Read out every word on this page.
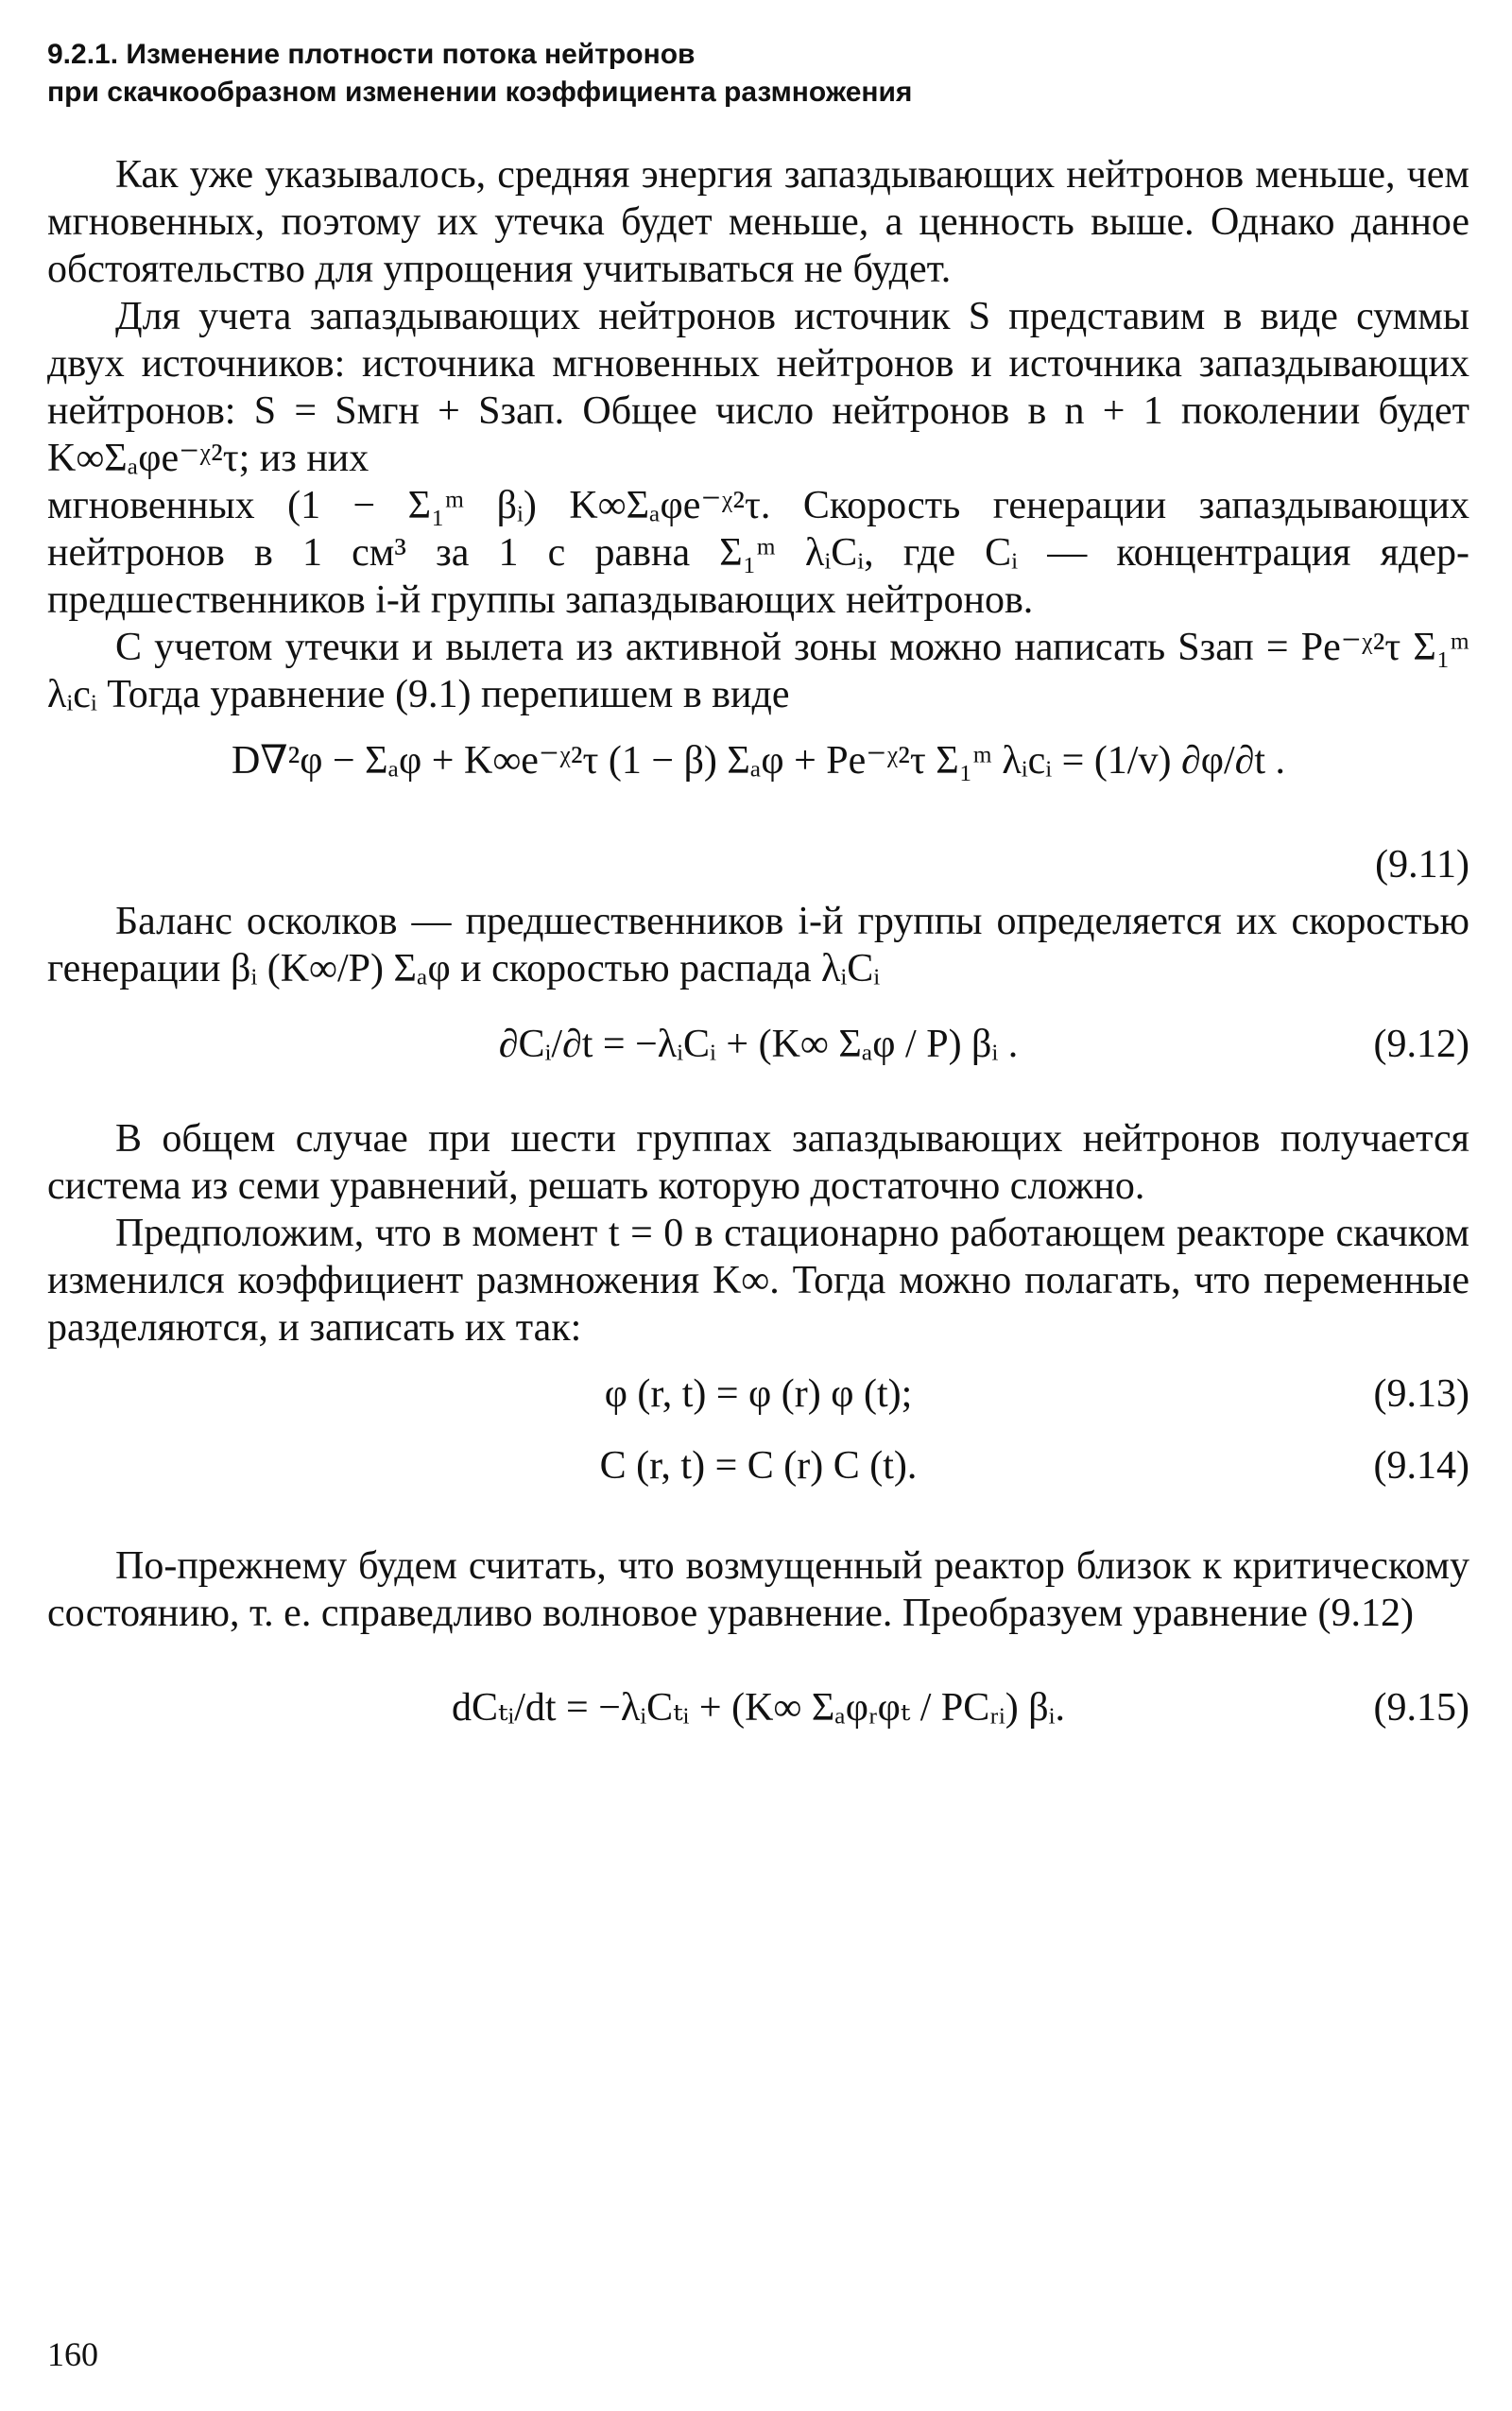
9.2.1. Изменение плотности потока нейтронов
при скачкообразном изменении коэффициента размножения

Как уже указывалось, средняя энергия запаздывающих нейтронов меньше, чем мгновенных, поэтому их утечка будет меньше, а ценность выше. Однако данное обстоятельство для упрощения учитываться не будет.

Для учета запаздывающих нейтронов источник S представим в виде суммы двух источников: источника мгновенных нейтронов и источника запаздывающих нейтронов: S = Sмгн + Sзап. Общее число нейтронов в n + 1 поколении будет K∞Σₐφe⁻ᵡ²τ; из них

мгновенных (1 − Σ₁ᵐ βᵢ) K∞Σₐφe⁻ᵡ²τ. Скорость генерации запаздывающих нейтронов в 1 см³ за 1 с равна Σ₁ᵐ λᵢCᵢ, где Cᵢ — концентрация ядер-предшественников i-й группы запаздывающих нейтронов.

С учетом утечки и вылета из активной зоны можно написать Sзап = Pe⁻ᵡ²τ Σ₁ᵐ λᵢcᵢ Тогда уравнение (9.1) перепишем в виде

D∇²φ − Σₐφ + K∞e⁻ᵡ²τ (1 − β) Σₐφ + Pe⁻ᵡ²τ Σ₁ᵐ λᵢcᵢ = (1/v) ∂φ/∂t .
(9.11)

Баланс осколков — предшественников i-й группы определяется их скоростью генерации βᵢ (K∞/P) Σₐφ и скоростью распада λᵢCᵢ

∂Cᵢ/∂t = −λᵢCᵢ + (K∞ Σₐφ / P) βᵢ .	(9.12)

В общем случае при шести группах запаздывающих нейтронов получается система из семи уравнений, решать которую достаточно сложно.

Предположим, что в момент t = 0 в стационарно работающем реакторе скачком изменился коэффициент размножения K∞. Тогда можно полагать, что переменные разделяются, и записать их так:

φ (r, t) = φ (r) φ (t);	(9.13)
C (r, t) = C (r) C (t).	(9.14)

По-прежнему будем считать, что возмущенный реактор близок к критическому состоянию, т. е. справедливо волновое уравнение. Преобразуем уравнение (9.12)

dCₜᵢ/dt = −λᵢCₜᵢ + (K∞ Σₐφᵣφₜ / PCᵣᵢ) βᵢ.	(9.15)
160
